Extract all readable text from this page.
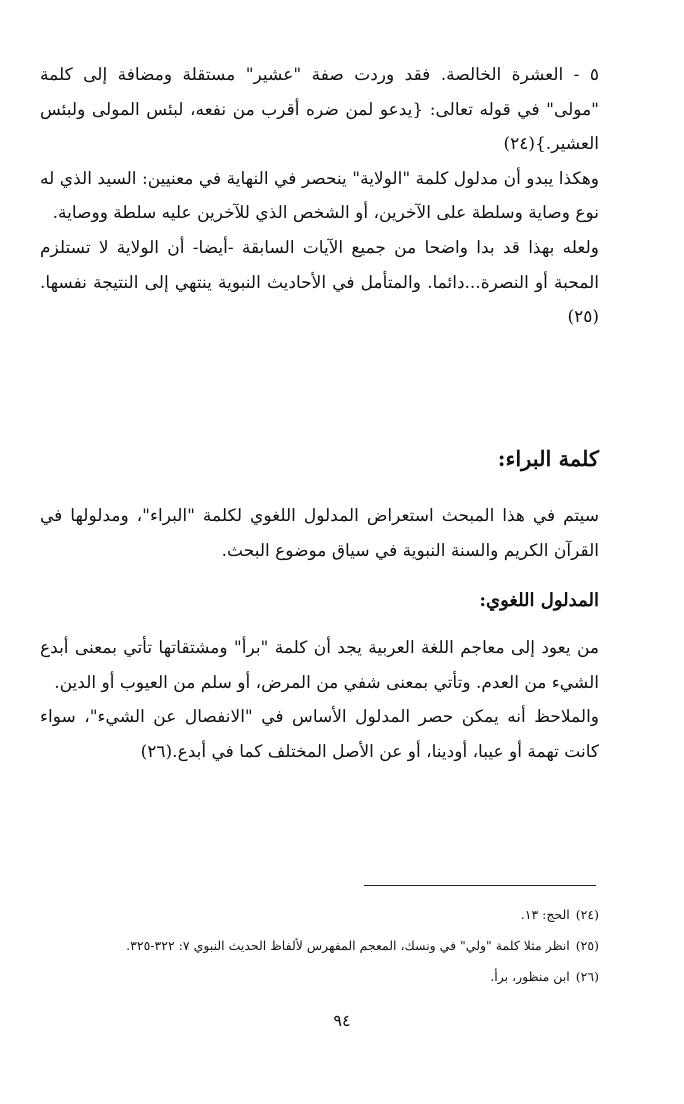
٥ - العشرة الخالصة. فقد وردت صفة "عشير" مستقلة ومضافة إلى كلمة "مولى" في قوله تعالى: {يدعو لمن ضره أقرب من نفعه، لبئس المولى ولبئس العشير.}(٢٤)

وهكذا يبدو أن مدلول كلمة "الولاية" ينحصر في النهاية في معنيين: السيد الذي له نوع وصاية وسلطة على الآخرين، أو الشخص الذي للآخرين عليه سلطة ووصاية.

ولعله بهذا قد بدا واضحا من جميع الآيات السابقة -أيضا- أن الولاية لا تستلزم المحبة أو النصرة...دائما. والمتأمل في الأحاديث النبوية ينتهي إلى النتيجة نفسها.(٢٥)

كلمة البراء:

سيتم في هذا المبحث استعراض المدلول اللغوي لكلمة "البراء"، ومدلولها في القرآن الكريم والسنة النبوية في سياق موضوع البحث.

المدلول اللغوي:

من يعود إلى معاجم اللغة العربية يجد أن كلمة "برأ" ومشتقاتها تأتي بمعنى أبدع الشيء من العدم. وتأتي بمعنى شفي من المرض، أو سلم من العيوب أو الدين.

والملاحظ أنه يمكن حصر المدلول الأساس في "الانفصال عن الشيء"، سواء كانت تهمة أو عيبا، أودينا، أو عن الأصل المختلف كما في أبدع.(٢٦)

(٢٤)الحج: ١٣.

(٢٥)انظر مثلا كلمة "ولي" في ونسك، المعجم المفهرس لألفاظ الحديث النبوي ٧: ٣٢٢-٣٢٥.

(٢٦)ابن منظور، برأ.

٩٤
